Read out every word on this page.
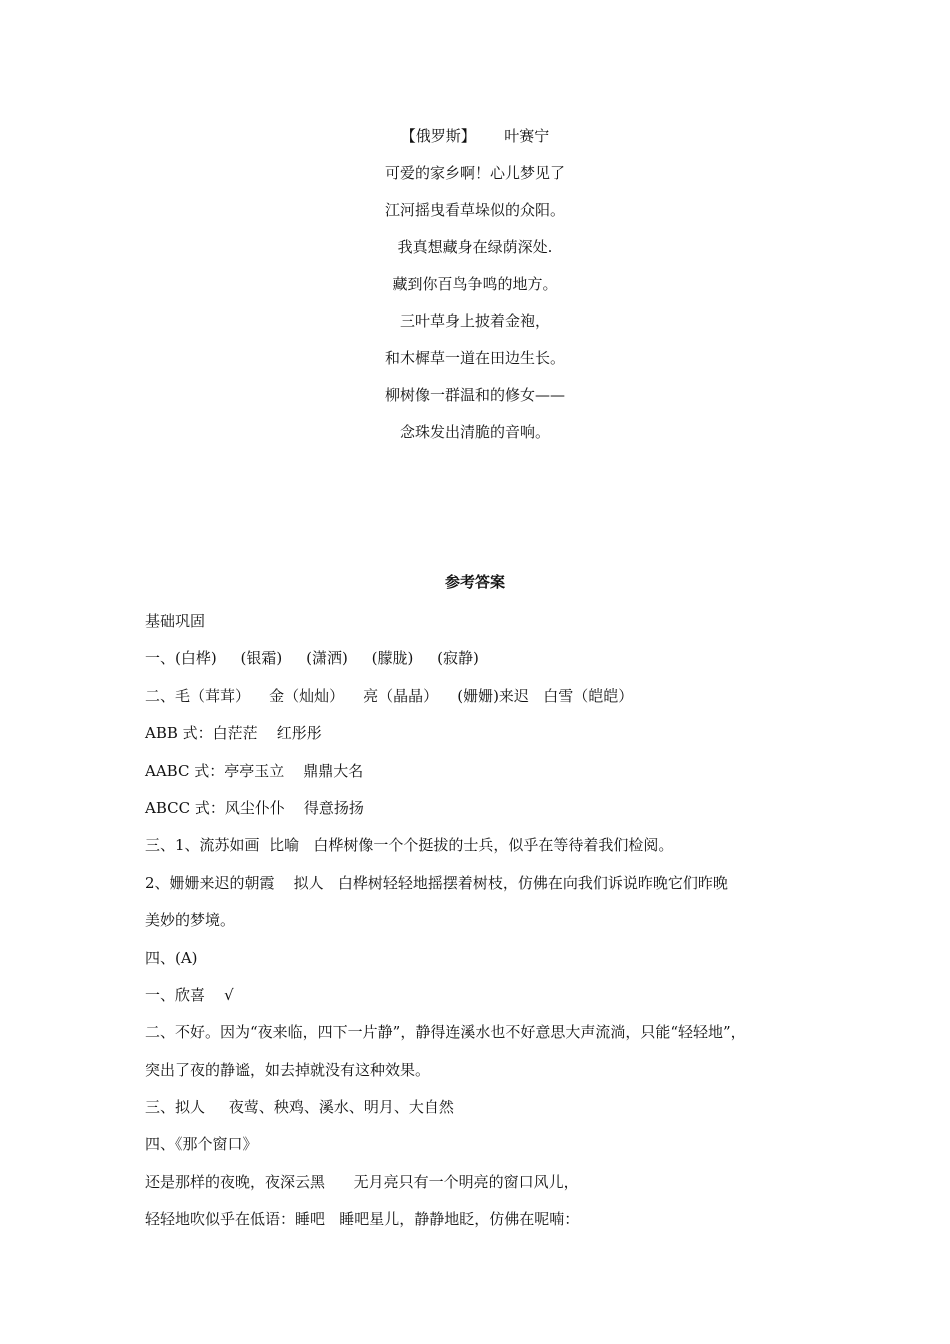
【俄罗斯】      叶赛宁
可爱的家乡啊！心儿梦见了
江河摇曳看草垛似的众阳。
我真想藏身在绿荫深处.
藏到你百鸟争鸣的地方。
三叶草身上披着金袍，
和木樨草一道在田边生长。
柳树像一群温和的修女——
念珠发出清脆的音响。
参考答案
基础巩固
一、(白桦)     (银霜)     (潇洒)     (朦胧)     (寂静)
二、毛（茸茸）    金（灿灿）    亮（晶晶）    (姗姗)来迟   白雪（皑皑）
ABB 式：白茫茫    红彤彤
AABC 式：亭亭玉立    鼎鼎大名
ABCC 式：风尘仆仆    得意扬扬
三、1、流苏如画  比喻   白桦树像一个个挺拔的士兵，似乎在等待着我们检阅。
2、姗姗来迟的朝霞    拟人   白桦树轻轻地摇摆着树枝，仿佛在向我们诉说昨晚它们昨晚
美妙的梦境。
四、(A)
一、欣喜    √
二、不好。因为“夜来临，四下一片静”，静得连溪水也不好意思大声流淌，只能“轻轻地”，
突出了夜的静谧，如去掉就没有这种效果。
三、拟人     夜莺、秧鸡、溪水、明月、大自然
四、《那个窗口》
还是那样的夜晚，夜深云黑      无月亮只有一个明亮的窗口风儿，
轻轻地吹似乎在低语：睡吧   睡吧星儿，静静地眨，仿佛在呢喃：
